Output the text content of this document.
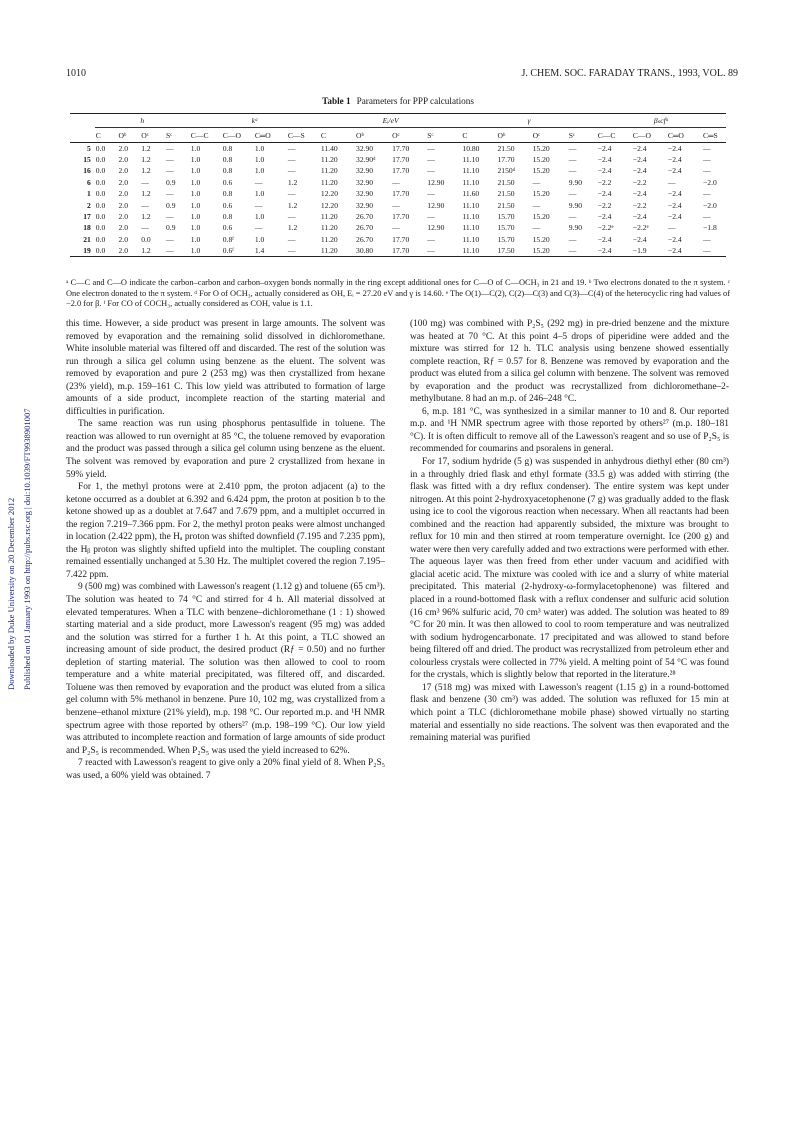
Downloaded by Duke University on 20 December 2012 Published on 01 January 1993 on http://pubs.rsc.org | doi:10.1039/FT9938901007
1010	J. CHEM. SOC. FARADAY TRANS., 1993, VOL. 89
Table 1 Parameters for PPP calculations
	h				kᵃ				Eᵢ/eV				γ				βₛcfᵃ			
	C	Oᵇ	Oᶜ	Sᶜ	C—C	C—O	C═O	C—S	C	Oᵇ	Oᶜ	Sᶜ	C	Oᵇ	Oᶜ	Sᶜ	C—C	C—O	C═O	C═S
5	0.0	2.0	1.2	—	1.0	0.8	1.0	—	11.40	32.90	17.70	—	10.80	21.50	15.20	—	−2.4	−2.4	−2.4	—
15	0.0	2.0	1.2	—	1.0	0.8	1.0	—	11.20	32.90ᵈ	17.70	—	11.10	17.70	15.20	—	−2.4	−2.4	−2.4	—
16	0.0	2.0	1.2	—	1.0	0.8	1.0	—	11.20	32.90	17.70	—	11.10	2150ᵈ	15.20	—	−2.4	−2.4	−2.4	—
6	0.0	2.0	—	0.9	1.0	0.6	—	1.2	11.20	32.90	—	12.90	11.10	21.50	—	9.90	−2.2	−2.2	—	−2.0
1	0.0	2.0	1.2	—	1.0	0.8	1.0	—	12.20	32.90	17.70	—	11.60	21.50	15.20	—	−2.4	−2.4	−2.4	—
2	0.0	2.0	—	0.9	1.0	0.6	—	1.2	12.20	32.90	—	12.90	11.10	21.50	—	9.90	−2.2	−2.2	−2.4	−2.0
17	0.0	2.0	1.2	—	1.0	0.8	1.0	—	11.20	26.70	17.70	—	11.10	15.70	15.20	—	−2.4	−2.4	−2.4	—
18	0.0	2.0	—	0.9	1.0	0.6	—	1.2	11.20	26.70	—	12.90	11.10	15.70	—	9.90	−2.2ᵉ	−2.2ᵉ	—	−1.8
21	0.0	2.0	0.0	—	1.0	0.8ᶠ	1.0	—	11.20	26.70	17.70	—	11.10	15.70	15.20	—	−2.4	−2.4	−2.4	—
19	0.0	2.0	1.2	—	1.0	0.6ᶠ	1.4	—	11.20	30.80	17.70	—	11.10	17.50	15.20	—	−2.4	−1.9	−2.4	—

ᵃ C—C and C—O indicate the carbon–carbon and carbon–oxygen bonds normally in the ring except additional ones for C—O of C—OCH₃ in 21 and 19. ᵇ Two electrons donated to the π system. ᶜ One electron donated to the π system. ᵈ For O of OCH₃, actually considered as OH, Eᵢ = 27.20 eV and γ is 14.60. ᵉ The O(1)—C(2), C(2)—C(3) and C(3)—C(4) of the heterocyclic ring had values of −2.0 for β. ᶠ For CO of COCH₃, actually considered as COH, value is 1.1.

this time. However, a side product was present in large amounts. The solvent was removed by evaporation and the remaining solid dissolved in dichloromethane. White insoluble material was filtered off and discarded. The rest of the solution was run through a silica gel column using benzene as the eluent. The solvent was removed by evaporation and pure 2 (253 mg) was then crystallized from hexane (23% yield), m.p. 159–161 C. This low yield was attributed to formation of large amounts of a side product, incomplete reaction of the starting material and difficulties in purification.

The same reaction was run using phosphorus pentasulfide in toluene. The reaction was allowed to run overnight at 85 °C, the toluene removed by evaporation and the product was passed through a silica gel column using benzene as the eluent. The solvent was removed by evaporation and pure 2 crystallized from hexane in 59% yield.

For 1, the methyl protons were at 2.410 ppm, the proton adjacent (a) to the ketone occurred as a doublet at 6.392 and 6.424 ppm, the proton at position b to the ketone showed up as a doublet at 7.647 and 7.679 ppm, and a multiplet occurred in the region 7.219–7.366 ppm. For 2, the methyl proton peaks were almost unchanged in location (2.422 ppm), the Hₐ proton was shifted downfield (7.195 and 7.235 ppm), the Hᵦ proton was slightly shifted upfield into the multiplet. The coupling constant remained essentially unchanged at 5.30 Hz. The multiplet covered the region 7.195–7.422 ppm.

9 (500 mg) was combined with Lawesson's reagent (1.12 g) and toluene (65 cm³). The solution was heated to 74 °C and stirred for 4 h. All material dissolved at elevated temperatures. When a TLC with benzene–dichloromethane (1 : 1) showed starting material and a side product, more Lawesson's reagent (95 mg) was added and the solution was stirred for a further 1 h. At this point, a TLC showed an increasing amount of side product, the desired product (Rƒ = 0.50) and no further depletion of starting material. The solution was then allowed to cool to room temperature and a white material precipitated, was filtered off, and discarded. Toluene was then removed by evaporation and the product was eluted from a silica gel column with 5% methanol in benzene. Pure 10, 102 mg, was crystallized from a benzene–ethanol mixture (21% yield), m.p. 198 °C. Our reported m.p. and ¹H NMR spectrum agree with those reported by others²⁷ (m.p. 198–199 °C). Our low yield was attributed to incomplete reaction and formation of large amounts of side product and P₂S₅ is recommended. When P₂S₅ was used the yield increased to 62%.

7 reacted with Lawesson's reagent to give only a 20% final yield of 8. When P₂S₅ was used, a 60% yield was obtained. 7

(100 mg) was combined with P₂S₅ (292 mg) in pre-dried benzene and the mixture was heated at 70 °C. At this point 4–5 drops of piperidine were added and the mixture was stirred for 12 h. TLC analysis using benzene showed essentially complete reaction, Rƒ = 0.57 for 8. Benzene was removed by evaporation and the product was eluted from a silica gel column with benzene. The solvent was removed by evaporation and the product was recrystallized from dichloromethane–2-methylbutane. 8 had an m.p. of 246–248 °C.

6, m.p. 181 °C, was synthesized in a similar manner to 10 and 8. Our reported m.p. and ¹H NMR spectrum agree with those reported by others²⁷ (m.p. 180–181 °C). It is often difficult to remove all of the Lawesson's reagent and so use of P₂S₅ is recommended for coumarins and psoralens in general.

For 17, sodium hydride (5 g) was suspended in anhydrous diethyl ether (80 cm³) in a throughly dried flask and ethyl formate (33.5 g) was added with stirring (the flask was fitted with a dry reflux condenser). The entire system was kept under nitrogen. At this point 2-hydroxyacetophenone (7 g) was gradually added to the flask using ice to cool the vigorous reaction when necessary. When all reactants had been combined and the reaction had apparently subsided, the mixture was brought to reflux for 10 min and then stirred at room temperature overnight. Ice (200 g) and water were then very carefully added and two extractions were performed with ether. The aqueous layer was then freed from ether under vacuum and acidified with glacial acetic acid. The mixture was cooled with ice and a slurry of white material precipitated. This material (2-hydroxy-ω-formylacetophenone) was filtered and placed in a round-bottomed flask with a reflux condenser and sulfuric acid solution (16 cm³ 96% sulfuric acid, 70 cm³ water) was added. The solution was heated to 89 °C for 20 min. It was then allowed to cool to room temperature and was neutralized with sodium hydrogencarbonate. 17 precipitated and was allowed to stand before being filtered off and dried. The product was recrystallized from petroleum ether and colourless crystals were collected in 77% yield. A melting point of 54 °C was found for the crystals, which is slightly below that reported in the literature.²⁸

17 (518 mg) was mixed with Lawesson's reagent (1.15 g) in a round-bottomed flask and benzene (30 cm³) was added. The solution was refluxed for 15 min at which point a TLC (dichloromethane mobile phase) showed virtually no starting material and essentially no side reactions. The solvent was then evaporated and the remaining material was purified
